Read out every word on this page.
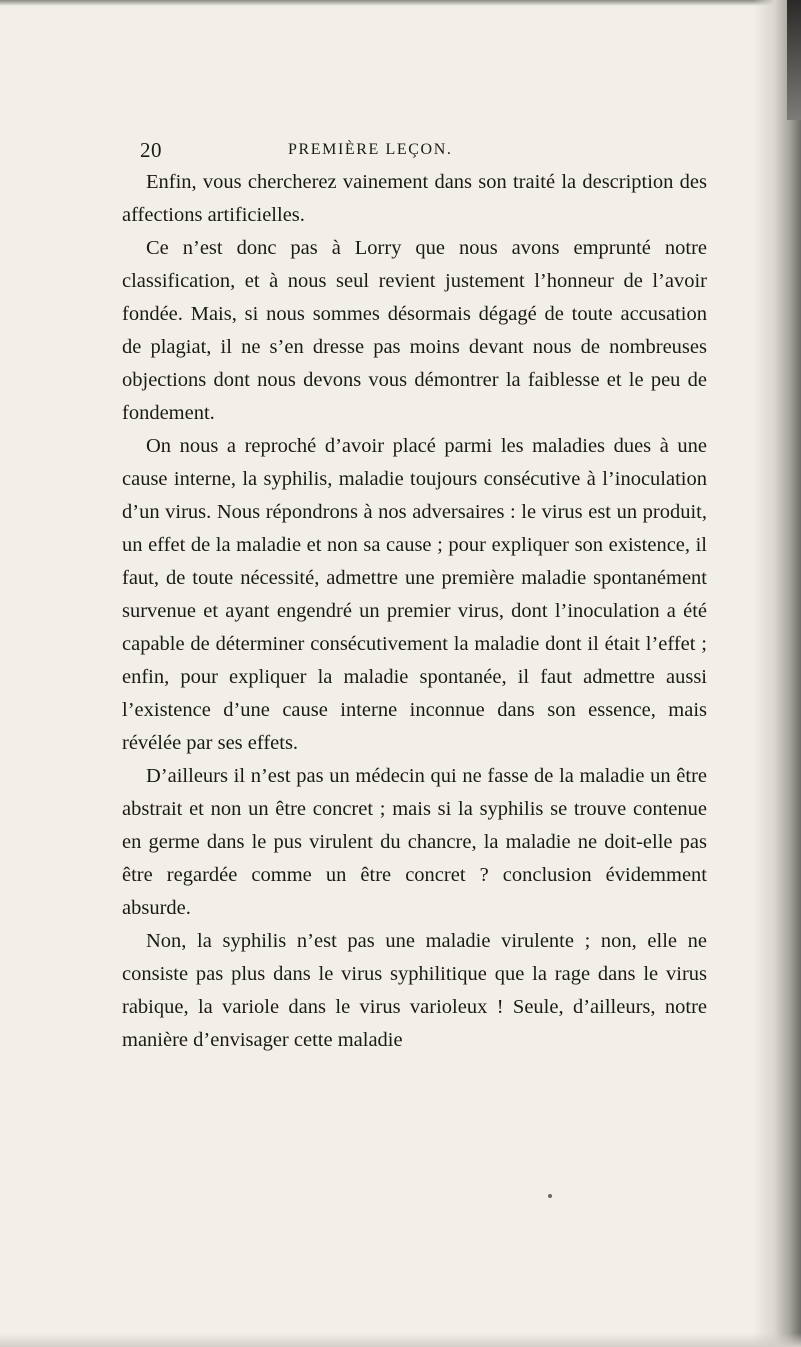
20	PREMIÈRE LEÇON.

Enfin, vous chercherez vainement dans son traité la description des affections artificielles.

Ce n’est donc pas à Lorry que nous avons emprunté notre classification, et à nous seul revient justement l’honneur de l’avoir fondée. Mais, si nous sommes désormais dégagé de toute accusation de plagiat, il ne s’en dresse pas moins devant nous de nombreuses objections dont nous devons vous démontrer la faiblesse et le peu de fondement.

On nous a reproché d’avoir placé parmi les maladies dues à une cause interne, la syphilis, maladie toujours consécutive à l’inoculation d’un virus. Nous répondrons à nos adversaires : le virus est un produit, un effet de la maladie et non sa cause ; pour expliquer son existence, il faut, de toute nécessité, admettre une première maladie spontanément survenue et ayant engendré un premier virus, dont l’inoculation a été capable de déterminer consécutivement la maladie dont il était l’effet ; enfin, pour expliquer la maladie spontanée, il faut admettre aussi l’existence d’une cause interne inconnue dans son essence, mais révélée par ses effets.

D’ailleurs il n’est pas un médecin qui ne fasse de la maladie un être abstrait et non un être concret ; mais si la syphilis se trouve contenue en germe dans le pus virulent du chancre, la maladie ne doit-elle pas être regardée comme un être concret ? conclusion évidemment absurde.

Non, la syphilis n’est pas une maladie virulente ; non, elle ne consiste pas plus dans le virus syphilitique que la rage dans le virus rabique, la variole dans le virus varioleux ! Seule, d’ailleurs, notre manière d’envisager cette maladie
